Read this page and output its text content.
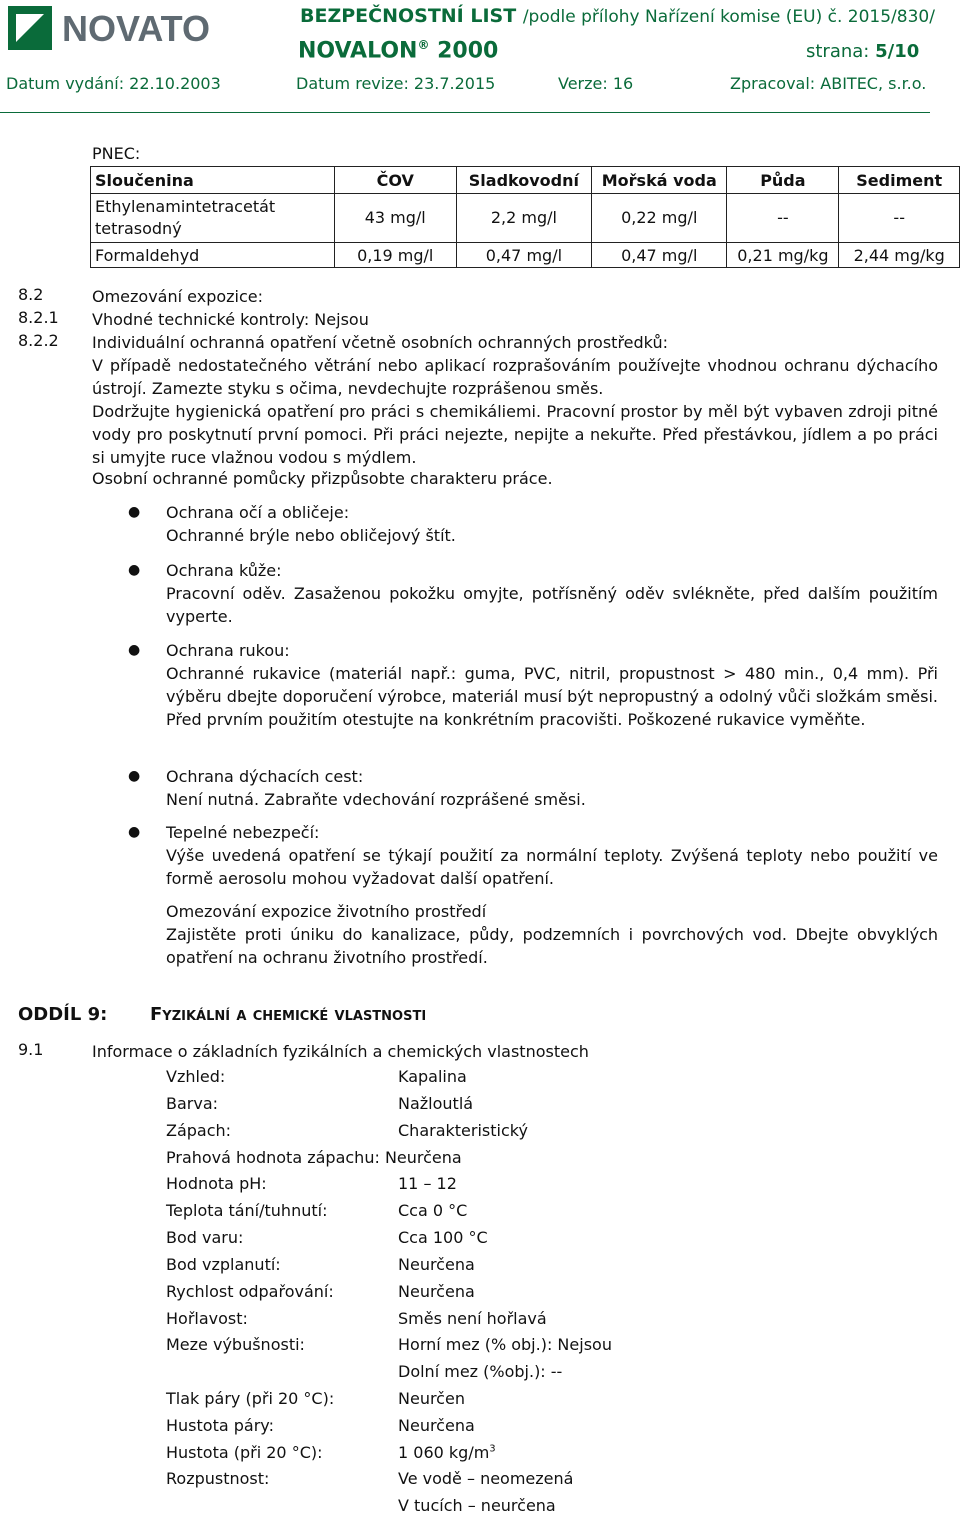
NOVATO	BEZPEČNOSTNÍ LIST /podle přílohy Nařízení komise (EU) č. 2015/830/
NOVALON® 2000	strana: 5/10
Datum vydání: 22.10.2003	Datum revize: 23.7.2015	Verze: 16	Zpracoval: ABITEC, s.r.o.
PNEC:
Sloučenina	ČOV	Sladkovodní	Mořská voda	Půda	Sediment
Ethylenamintetracetát tetrasodný	43 mg/l	2,2 mg/l	0,22 mg/l	--	--
Formaldehyd	0,19 mg/l	0,47 mg/l	0,47 mg/l	0,21 mg/kg	2,44 mg/kg
8.2	Omezování expozice:
8.2.1 Vhodné technické kontroly: Nejsou
8.2.2 Individuální ochranná opatření včetně osobních ochranných prostředků:
V případě nedostatečného větrání nebo aplikací rozprašováním používejte vhodnou ochranu dýchacího ústrojí. Zamezte styku s očima, nevdechujte rozprášenou směs.
Dodržujte hygienická opatření pro práci s chemikáliemi. Pracovní prostor by měl být vybaven zdroji pitné vody pro poskytnutí první pomoci. Při práci nejezte, nepijte a nekuřte. Před přestávkou, jídlem a po práci si umyjte ruce vlažnou vodou s mýdlem.
Osobní ochranné pomůcky přizpůsobte charakteru práce.
● Ochrana očí a obličeje:
Ochranné brýle nebo obličejový štít.
● Ochrana kůže:
Pracovní oděv. Zasaženou pokožku omyjte, potřísněný oděv svlékněte, před dalším použitím vyperte.
● Ochrana rukou:
Ochranné rukavice (materiál např.: guma, PVC, nitril, propustnost > 480 min., 0,4 mm). Při výběru dbejte doporučení výrobce, materiál musí být nepropustný a odolný vůči složkám směsi. Před prvním použitím otestujte na konkrétním pracovišti. Poškozené rukavice vyměňte.
● Ochrana dýchacích cest:
Není nutná. Zabraňte vdechování rozprášené směsi.
● Tepelné nebezpečí:
Výše uvedená opatření se týkají použití za normální teploty. Zvýšená teploty nebo použití ve formě aerosolu mohou vyžadovat další opatření.
Omezování expozice životního prostředí
Zajistěte proti úniku do kanalizace, půdy, podzemních i povrchových vod. Dbejte obvyklých opatření na ochranu životního prostředí.
ODDÍL 9: Fyzikální a chemické vlastnosti
9.1	Informace o základních fyzikálních a chemických vlastnostech
Vzhled:	Kapalina
Barva:	Nažloutlá
Zápach:	Charakteristický
Prahová hodnota zápachu: Neurčena
Hodnota pH:	11 – 12
Teplota tání/tuhnutí:	Cca 0 °C
Bod varu:	Cca 100 °C
Bod vzplanutí:	Neurčena
Rychlost odpařování:	Neurčena
Hořlavost:	Směs není hořlavá
Meze výbušnosti:	Horní mez (% obj.): Nejsou
Dolní mez (%obj.): --
Tlak páry (při 20 °C):	Neurčen
Hustota páry:	Neurčena
Hustota (při 20 °C):	1 060 $kg/m^3$
Rozpustnost:	Ve vodě – neomezená
V tucích – neurčena
